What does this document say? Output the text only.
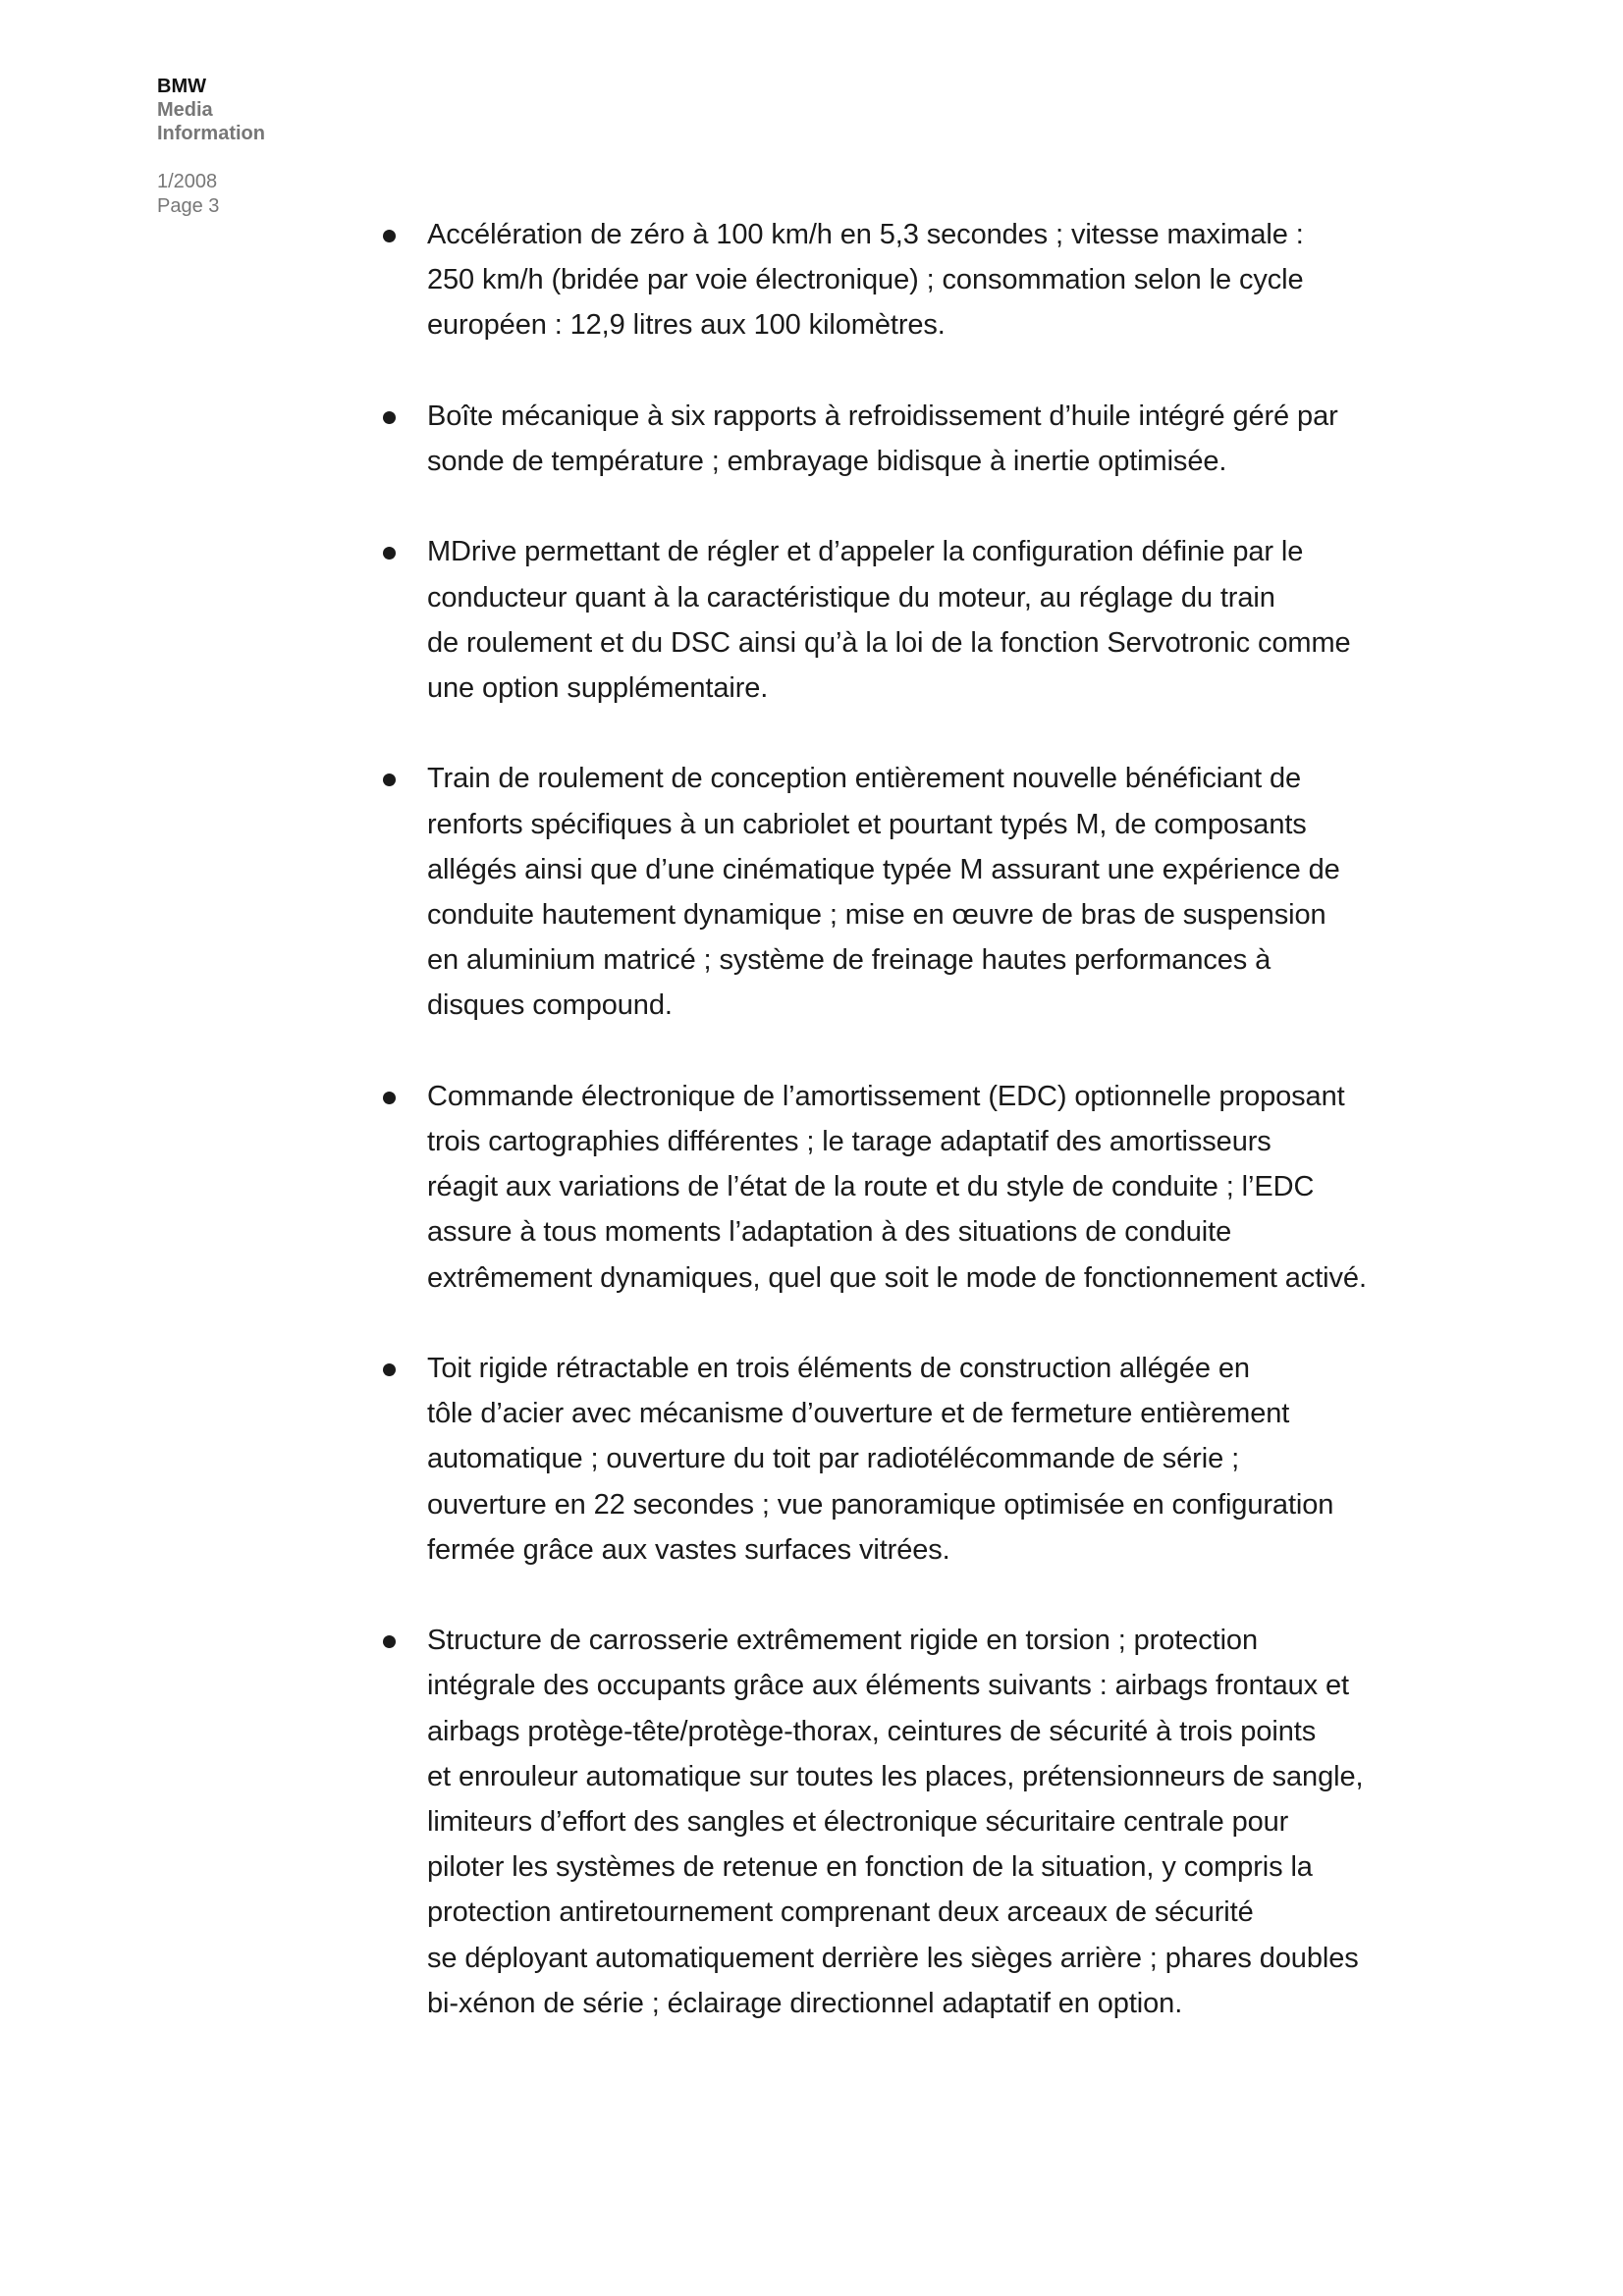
BMW
Media
Information
1/2008
Page 3
Accélération de zéro à 100 km/h en 5,3 secondes ; vitesse maximale :
250 km/h (bridée par voie électronique) ; consommation selon le cycle
européen : 12,9 litres aux 100 kilomètres.
Boîte mécanique à six rapports à refroidissement d’huile intégré géré par
sonde de température ; embrayage bidisque à inertie optimisée.
MDrive permettant de régler et d’appeler la configuration définie par le
conducteur quant à la caractéristique du moteur, au réglage du train
de roulement et du DSC ainsi qu’à la loi de la fonction Servotronic comme
une option supplémentaire.
Train de roulement de conception entièrement nouvelle bénéficiant de
renforts spécifiques à un cabriolet et pourtant typés M, de composants
allégés ainsi que d’une cinématique typée M assurant une expérience de
conduite hautement dynamique ; mise en œuvre de bras de suspension
en aluminium matricé ; système de freinage hautes performances à
disques compound.
Commande électronique de l’amortissement (EDC) optionnelle proposant
trois cartographies différentes ; le tarage adaptatif des amortisseurs
réagit aux variations de l’état de la route et du style de conduite ; l’EDC
assure à tous moments l’adaptation à des situations de conduite
extrêmement dynamiques, quel que soit le mode de fonctionnement activé.
Toit rigide rétractable en trois éléments de construction allégée en
tôle d’acier avec mécanisme d’ouverture et de fermeture entièrement
automatique ; ouverture du toit par radiotélécommande de série ;
ouverture en 22 secondes ; vue panoramique optimisée en configuration
fermée grâce aux vastes surfaces vitrées.
Structure de carrosserie extrêmement rigide en torsion ; protection
intégrale des occupants grâce aux éléments suivants : airbags frontaux et
airbags protège-tête/protège-thorax, ceintures de sécurité à trois points
et enrouleur automatique sur toutes les places, prétensionneurs de sangle,
limiteurs d’effort des sangles et électronique sécuritaire centrale pour
piloter les systèmes de retenue en fonction de la situation, y compris la
protection antiretournement comprenant deux arceaux de sécurité
se déployant automatiquement derrière les sièges arrière ; phares doubles
bi-xénon de série ; éclairage directionnel adaptatif en option.
